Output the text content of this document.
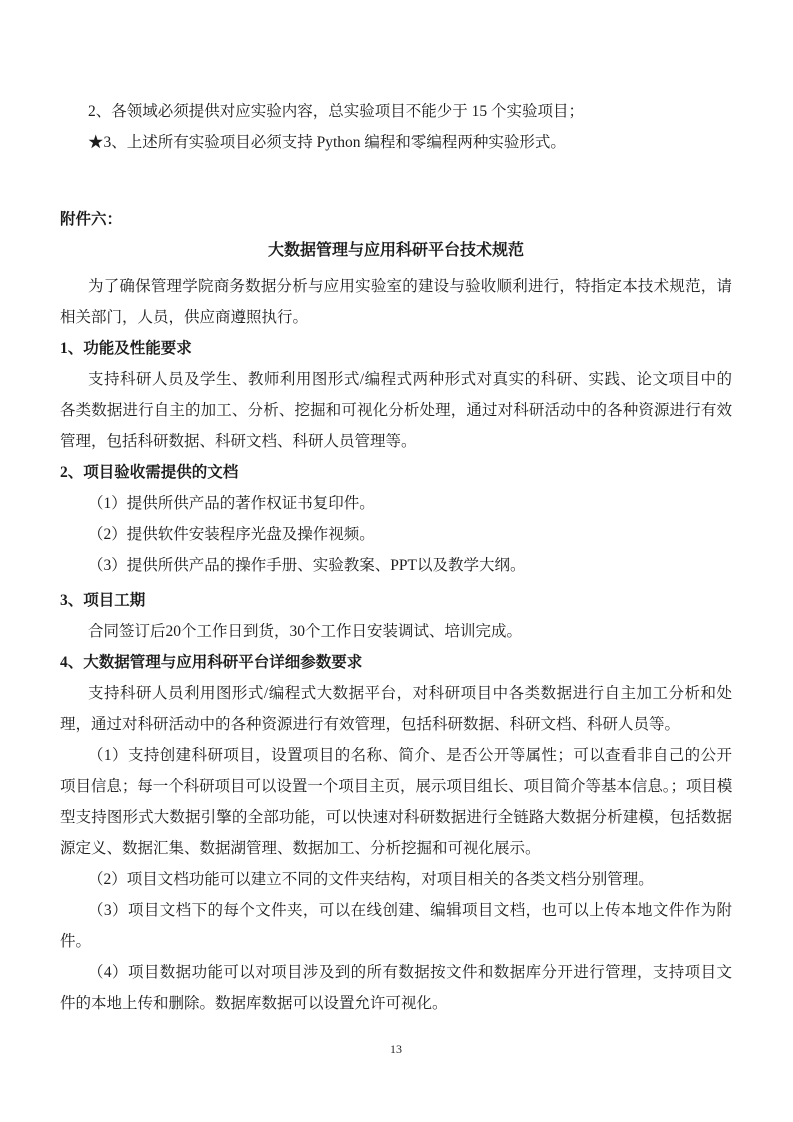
2、各领域必须提供对应实验内容，总实验项目不能少于 15 个实验项目；
★3、上述所有实验项目必须支持 Python 编程和零编程两种实验形式。
附件六：
大数据管理与应用科研平台技术规范
为了确保管理学院商务数据分析与应用实验室的建设与验收顺利进行，特指定本技术规范，请
相关部门，人员，供应商遵照执行。
1、功能及性能要求
支持科研人员及学生、教师利用图形式/编程式两种形式对真实的科研、实践、论文项目中的
各类数据进行自主的加工、分析、挖掘和可视化分析处理，通过对科研活动中的各种资源进行有效
管理，包括科研数据、科研文档、科研人员管理等。
2、项目验收需提供的文档
（1）提供所供产品的著作权证书复印件。
（2）提供软件安装程序光盘及操作视频。
（3）提供所供产品的操作手册、实验教案、PPT以及教学大纲。
3、项目工期
合同签订后20个工作日到货，30个工作日安装调试、培训完成。
4、大数据管理与应用科研平台详细参数要求
支持科研人员利用图形式/编程式大数据平台，对科研项目中各类数据进行自主加工分析和处
理，通过对科研活动中的各种资源进行有效管理，包括科研数据、科研文档、科研人员等。
（1）支持创建科研项目，设置项目的名称、简介、是否公开等属性；可以查看非自己的公开
项目信息；每一个科研项目可以设置一个项目主页，展示项目组长、项目简介等基本信息。；项目模
型支持图形式大数据引擎的全部功能，可以快速对科研数据进行全链路大数据分析建模，包括数据
源定义、数据汇集、数据湖管理、数据加工、分析挖掘和可视化展示。
（2）项目文档功能可以建立不同的文件夹结构，对项目相关的各类文档分别管理。
（3）项目文档下的每个文件夹，可以在线创建、编辑项目文档，也可以上传本地文件作为附
件。
（4）项目数据功能可以对项目涉及到的所有数据按文件和数据库分开进行管理，支持项目文
件的本地上传和删除。数据库数据可以设置允许可视化。
13
